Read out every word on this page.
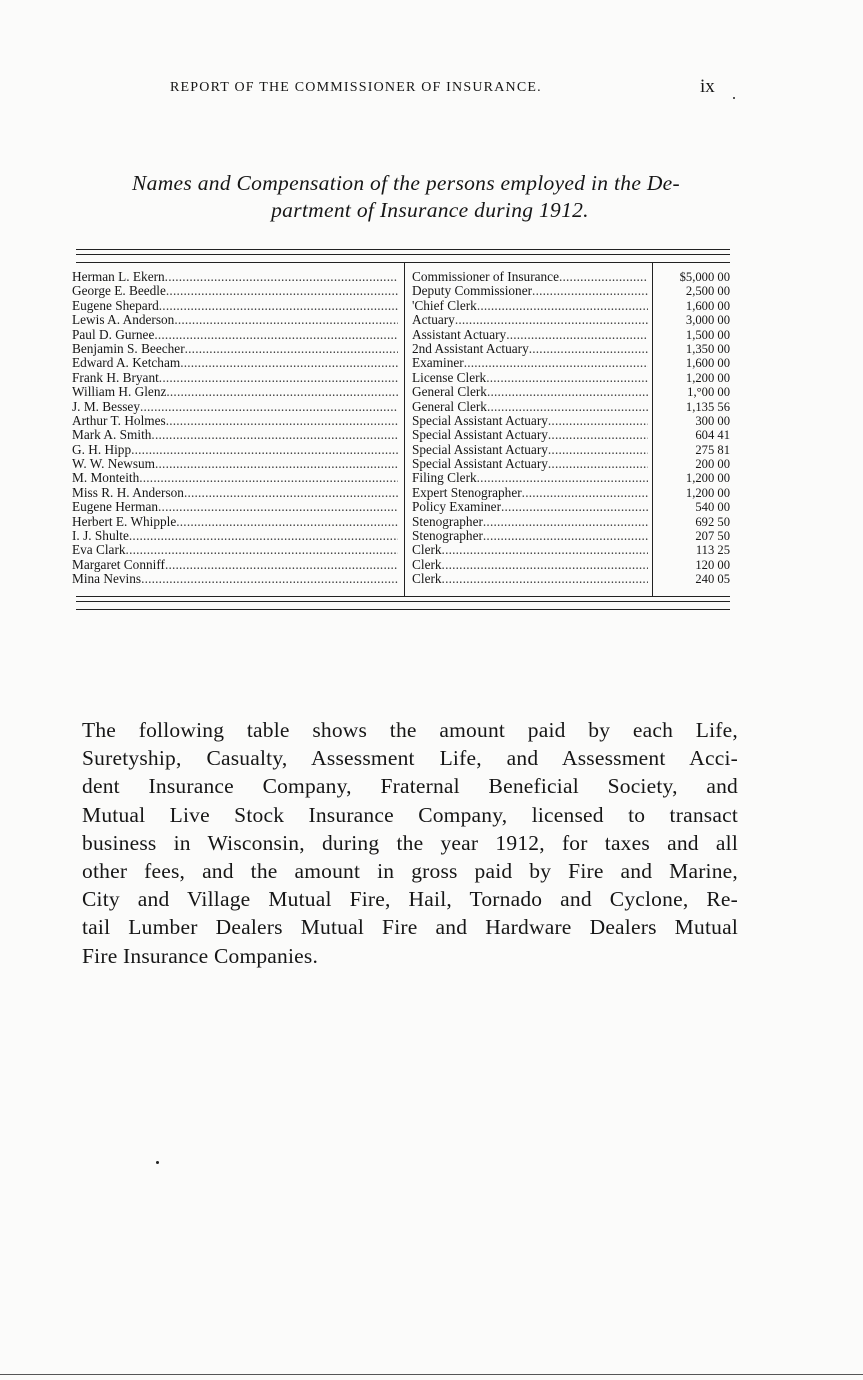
REPORT OF THE COMMISSIONER OF INSURANCE.	ix
Names and Compensation of the persons employed in the De-
partment of Insurance during 1912.
Herman L. Ekern
.....
George E. Beedle
.....
Eugene Shepard
.....
Lewis A. Anderson
.....
Paul D. Gurnee
.....
Benjamin S. Beecher
.....
Edward A. Ketcham
.....
Frank H. Bryant
.....
William H. Glenz
.....
J. M. Bessey
.....
Arthur T. Holmes
.....
Mark A. Smith
.....
G. H. Hipp
.....
W. W. Newsum
.....
M. Monteith
.....
Miss R. H. Anderson
.....
Eugene Herman
.....
Herbert E. Whipple
.....
I. J. Shulte
.....
Eva Clark
.....
Margaret Conniff
.....
Mina Nevins
.....
Commissioner of Insurance
.....
Deputy Commissioner
.....
'Chief Clerk
.....
Actuary
.....
Assistant Actuary
.....
2nd Assistant Actuary
.....
Examiner
.....
License Clerk
.....
General Clerk
.....
General Clerk
.....
Special Assistant Actuary
.....
Special Assistant Actuary
.....
Special Assistant Actuary
.....
Special Assistant Actuary
.....
Filing Clerk
.....
Expert Stenographer
.....
Policy Examiner
.....
Stenographer
.....
Stenographer
.....
Clerk
.....
Clerk
.....
Clerk
.....
$5,000 00
2,500 00
1,600 00
3,000 00
1,500 00
1,350 00
1,600 00
1,200 00
1,°00 00
1,135 56
300 00
604 41
275 81
200 00
1,200 00
1,200 00
540 00
692 50
207 50
113 25
120 00
240 05
The following table shows the amount paid by each Life,
Suretyship, Casualty, Assessment Life, and Assessment Acci-
dent Insurance Company, Fraternal Beneficial Society, and
Mutual Live Stock Insurance Company, licensed to transact
business in Wisconsin, during the year 1912, for taxes and all
other fees, and the amount in gross paid by Fire and Marine,
City and Village Mutual Fire, Hail, Tornado and Cyclone, Re-
tail Lumber Dealers Mutual Fire and Hardware Dealers Mutual
Fire Insurance Companies.
